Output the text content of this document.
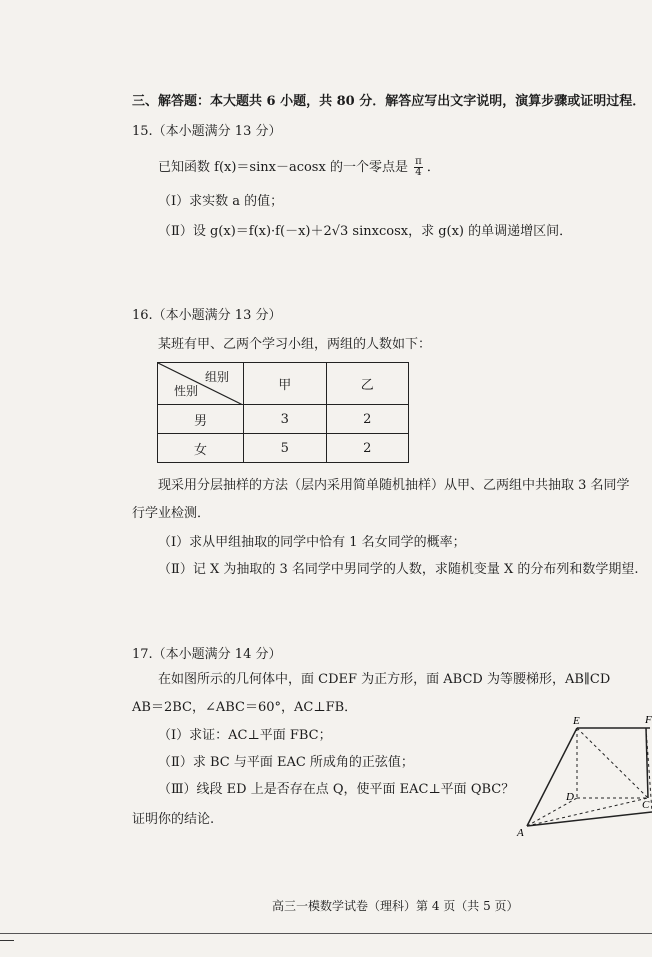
三、解答题：本大题共 6 小题，共 80 分．解答应写出文字说明，演算步骤或证明过程．
15.（本小题满分 13 分）
已知函数 f(x)＝sinx－acosx 的一个零点是 $\frac{\pi}{4}$ ．
（Ⅰ）求实数 a 的值；
（Ⅱ）设 g(x)＝f(x)·f(－x)＋2√3 sinxcosx，求 g(x) 的单调递增区间．
16.（本小题满分 13 分）
某班有甲、乙两个学习小组，两组的人数如下：
组别
性别	甲	乙
男	3	2
女	5	2
现采用分层抽样的方法（层内采用简单随机抽样）从甲、乙两组中共抽取 3 名同学
行学业检测．
（Ⅰ）求从甲组抽取的同学中恰有 1 名女同学的概率；
（Ⅱ）记 X 为抽取的 3 名同学中男同学的人数，求随机变量 X 的分布列和数学期望.
17.（本小题满分 14 分）
在如图所示的几何体中，面 CDEF 为正方形，面 ABCD 为等腰梯形，AB∥CD
AB＝2BC，∠ABC＝60°，AC⊥FB．
（Ⅰ）求证：AC⊥平面 FBC；
（Ⅱ）求 BC 与平面 EAC 所成角的正弦值；
（Ⅲ）线段 ED 上是否存在点 Q，使平面 EAC⊥平面 QBC？
证明你的结论.
E	F
D
C
A
高三一模数学试卷（理科）第 4 页（共 5 页）
